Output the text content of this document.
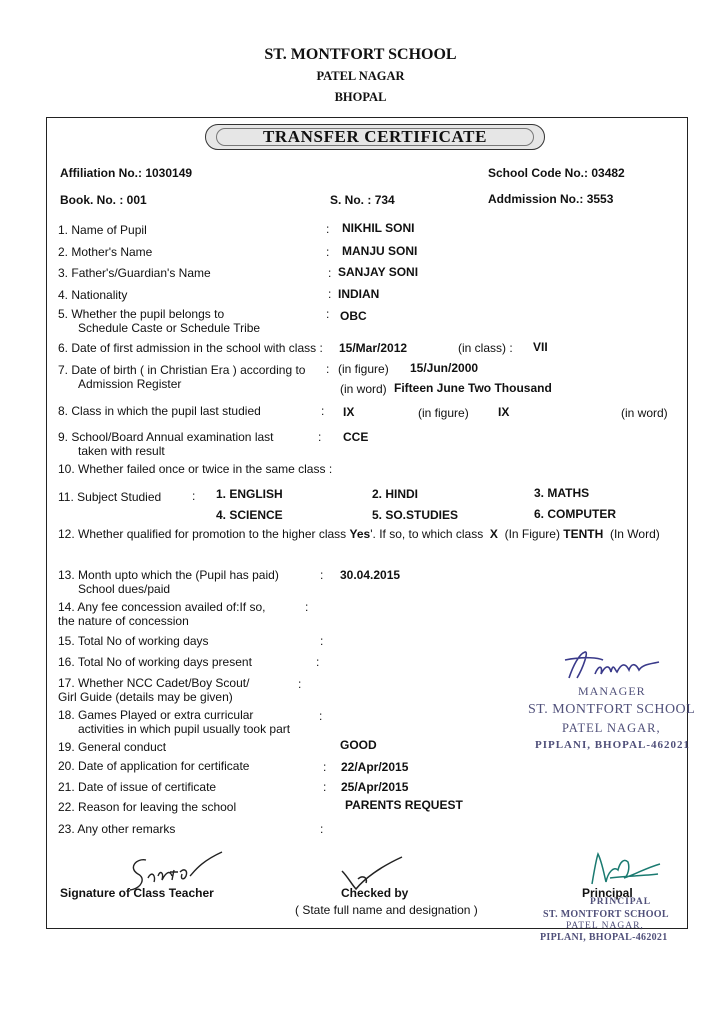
ST. MONTFORT SCHOOL
PATEL NAGAR
BHOPAL
TRANSFER CERTIFICATE
Affiliation No.: 1030149	School Code No.: 03482
Book. No. : 001	S. No. : 734	Addmission No.: 3553
1. Name of Pupil	: NIKHIL SONI
2. Mother's Name	: MANJU SONI
3. Father's/Guardian's Name	: SANJAY SONI
4. Nationality	: INDIAN
5. Whether the pupil belongs to
Schedule Caste or Schedule Tribe
: OBC
6. Date of first admission in the school with class : 15/Mar/2012	(in class) : VII
7. Date of birth ( in Christian Era ) according to
Admission Register
: (in figure) 15/Jun/2000
(in word) Fifteen June Two Thousand
8. Class in which the pupil last studied	: IX	(in figure) IX	(in word)
9. School/Board Annual examination last
taken with result
: CCE
10. Whether failed once or twice in the same class :
11. Subject Studied	: 1. ENGLISH	2. HINDI	3. MATHS
4. SCIENCE	5. SO.STUDIES	6. COMPUTER
12. Whether qualified for promotion to the higher class Yes'. If so, to which class X (In Figure) TENTH (In Word)
13. Month upto which the (Pupil has paid)
School dues/paid
: 30.04.2015
14. Any fee concession availed of:If so,
the nature of concession
:
15. Total No of working days	:
16. Total No of working days present	:
17. Whether NCC Cadet/Boy Scout/
Girl Guide (details may be given)
:
18. Games Played or extra curricular
activities in which pupil usually took part
:
19. General conduct	GOOD
20. Date of application for certificate	: 22/Apr/2015
21. Date of issue of certificate	: 25/Apr/2015
22. Reason for leaving the school	PARENTS REQUEST
23. Any other remarks	:
MANAGER
ST. MONTFORT SCHOOL
PATEL NAGAR,
PIPLANI, BHOPAL-462021
Signature of Class Teacher	Checked by
( State full name and designation )
Principal
PRINCIPAL
ST. MONTFORT SCHOOL
PATEL NAGAR,
PIPLANI, BHOPAL-462021
